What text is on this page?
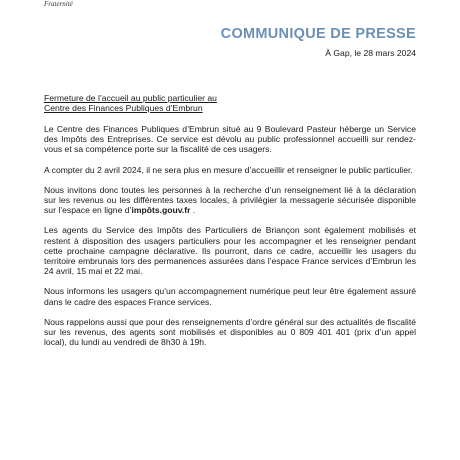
Fraternité
COMMUNIQUE DE PRESSE
À Gap, le 28 mars 2024
Fermeture de l’accueil au public particulier au
Centre des Finances Publiques d’Embrun

Le Centre des Finances Publiques d’Embrun situé au 9 Boulevard Pasteur héberge un Service des Impôts des Entreprises. Ce service est dévolu au public professionnel accueilli sur rendez-vous et sa compétence porte sur la fiscalité de ces usagers.

A compter du 2 avril 2024, il ne sera plus en mesure d’accueillir et renseigner le public particulier.

Nous invitons donc toutes les personnes à la recherche d’un renseignement lié à la déclaration sur les revenus ou les différentes taxes locales, à privilégier la messagerie sécurisée disponible sur l’espace en ligne d’impôts.gouv.fr .

Les agents du Service des Impôts des Particuliers de Briançon sont également mobilisés et restent à disposition des usagers particuliers pour les accompagner et les renseigner pendant cette prochaine campagne déclarative. Ils pourront, dans ce cadre, accueillir les usagers du territoire embrunais lors des permanences assurées dans l’espace France services d’Embrun les 24 avril, 15 mai et 22 mai.

Nous informons les usagers qu’un accompagnement numérique peut leur être également assuré dans le cadre des espaces France services.

Nous rappelons aussi que pour des renseignements d’ordre général sur des actualités de fiscalité sur les revenus, des agents sont mobilisés et disponibles au 0 809 401 401 (prix d’un appel local), du lundi au vendredi de 8h30 à 19h.
